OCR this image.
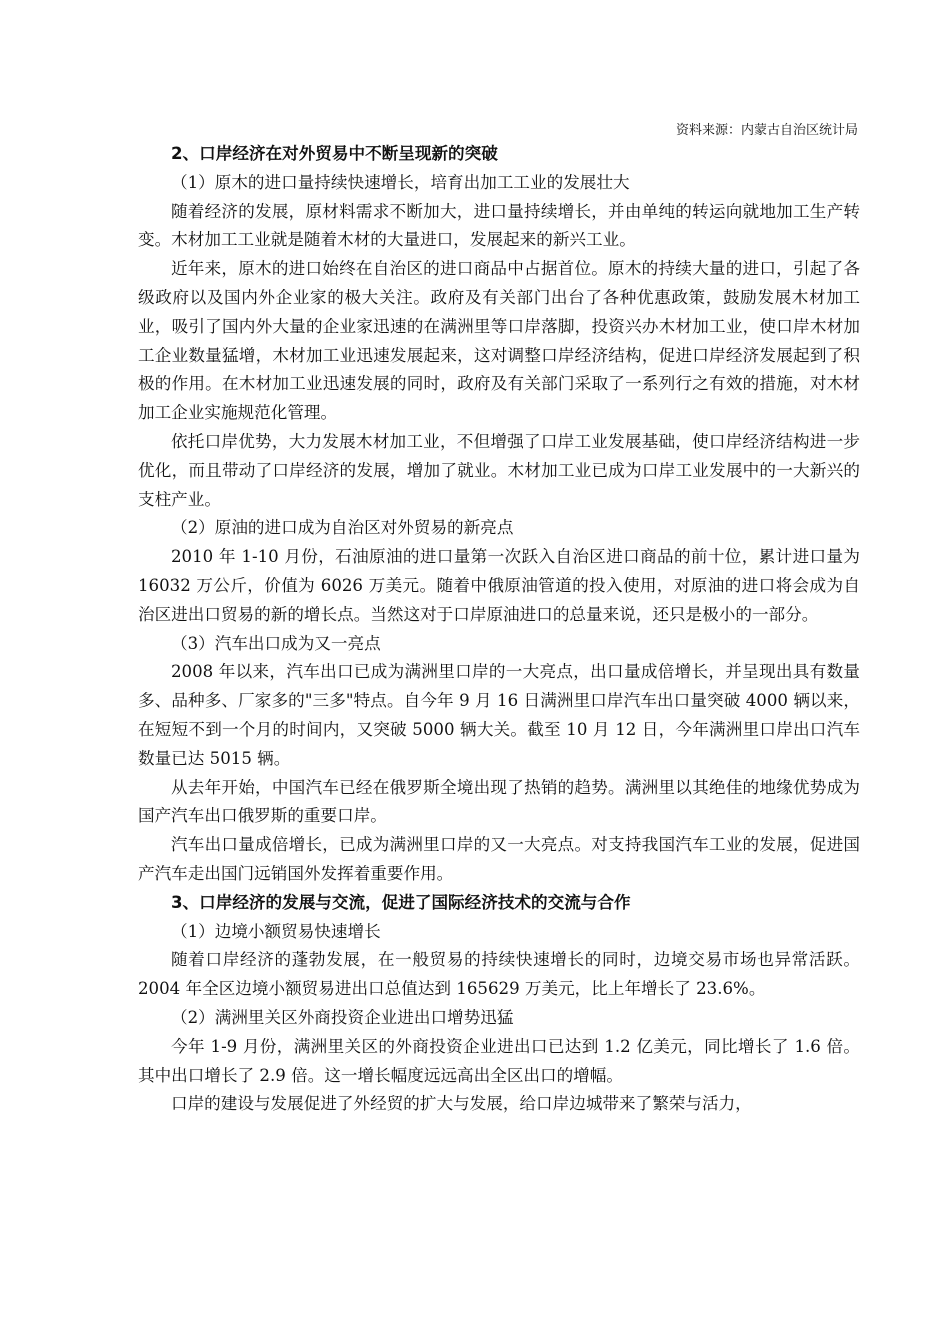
资料来源：内蒙古自治区统计局

2、口岸经济在对外贸易中不断呈现新的突破

（1）原木的进口量持续快速增长，培育出加工工业的发展壮大

随着经济的发展，原材料需求不断加大，进口量持续增长，并由单纯的转运向就地加工生产转变。木材加工工业就是随着木材的大量进口，发展起来的新兴工业。

近年来，原木的进口始终在自治区的进口商品中占据首位。原木的持续大量的进口，引起了各级政府以及国内外企业家的极大关注。政府及有关部门出台了各种优惠政策，鼓励发展木材加工业，吸引了国内外大量的企业家迅速的在满洲里等口岸落脚，投资兴办木材加工业，使口岸木材加工企业数量猛增，木材加工业迅速发展起来，这对调整口岸经济结构，促进口岸经济发展起到了积极的作用。在木材加工业迅速发展的同时，政府及有关部门采取了一系列行之有效的措施，对木材加工企业实施规范化管理。

依托口岸优势，大力发展木材加工业，不但增强了口岸工业发展基础，使口岸经济结构进一步优化，而且带动了口岸经济的发展，增加了就业。木材加工业已成为口岸工业发展中的一大新兴的支柱产业。

（2）原油的进口成为自治区对外贸易的新亮点

2010 年 1-10 月份，石油原油的进口量第一次跃入自治区进口商品的前十位，累计进口量为 16032 万公斤，价值为 6026 万美元。随着中俄原油管道的投入使用，对原油的进口将会成为自治区进出口贸易的新的增长点。当然这对于口岸原油进口的总量来说，还只是极小的一部分。

（3）汽车出口成为又一亮点

2008 年以来，汽车出口已成为满洲里口岸的一大亮点，出口量成倍增长，并呈现出具有数量多、品种多、厂家多的"三多"特点。自今年 9 月 16 日满洲里口岸汽车出口量突破 4000 辆以来，在短短不到一个月的时间内，又突破 5000 辆大关。截至 10 月 12 日，今年满洲里口岸出口汽车数量已达 5015 辆。

从去年开始，中国汽车已经在俄罗斯全境出现了热销的趋势。满洲里以其绝佳的地缘优势成为国产汽车出口俄罗斯的重要口岸。

汽车出口量成倍增长，已成为满洲里口岸的又一大亮点。对支持我国汽车工业的发展，促进国产汽车走出国门远销国外发挥着重要作用。

3、口岸经济的发展与交流，促进了国际经济技术的交流与合作

（1）边境小额贸易快速增长

随着口岸经济的蓬勃发展，在一般贸易的持续快速增长的同时，边境交易市场也异常活跃。2004 年全区边境小额贸易进出口总值达到 165629 万美元，比上年增长了 23.6%。

（2）满洲里关区外商投资企业进出口增势迅猛

今年 1-9 月份，满洲里关区的外商投资企业进出口已达到 1.2 亿美元，同比增长了 1.6 倍。其中出口增长了 2.9 倍。这一增长幅度远远高出全区出口的增幅。

口岸的建设与发展促进了外经贸的扩大与发展，给口岸边城带来了繁荣与活力，
